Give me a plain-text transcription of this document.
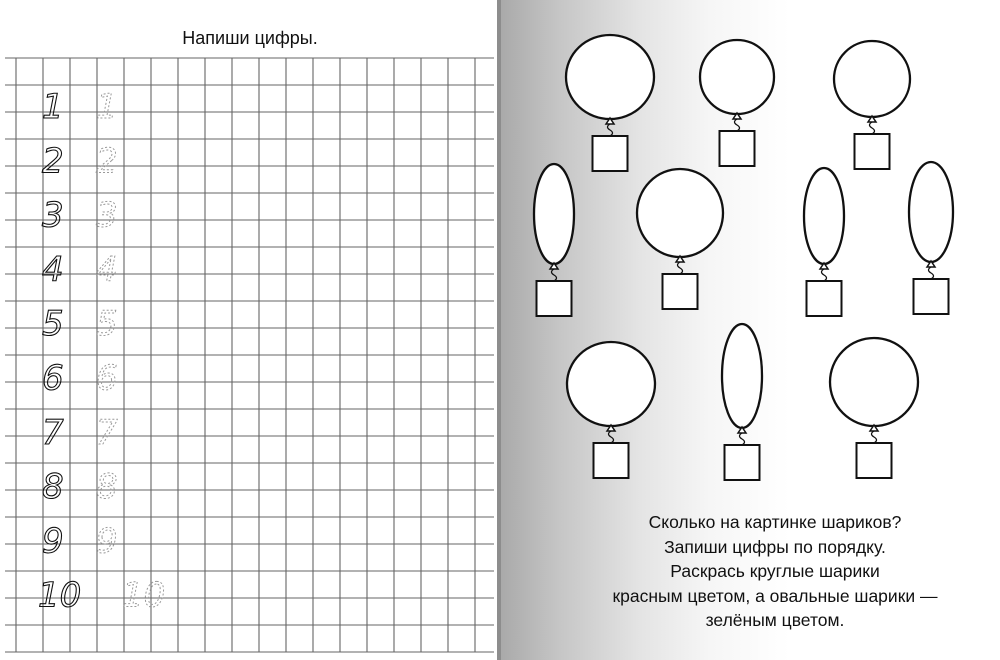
Напиши цифры.
1 1
2 2
3 3
4 4
5 5
6 6
7 7
8 8
9 9
10 10
Сколько на картинке шариков?
Запиши цифры по порядку.
Раскрась круглые шарики
красным цветом, а овальные шарики —
зелёным цветом.
